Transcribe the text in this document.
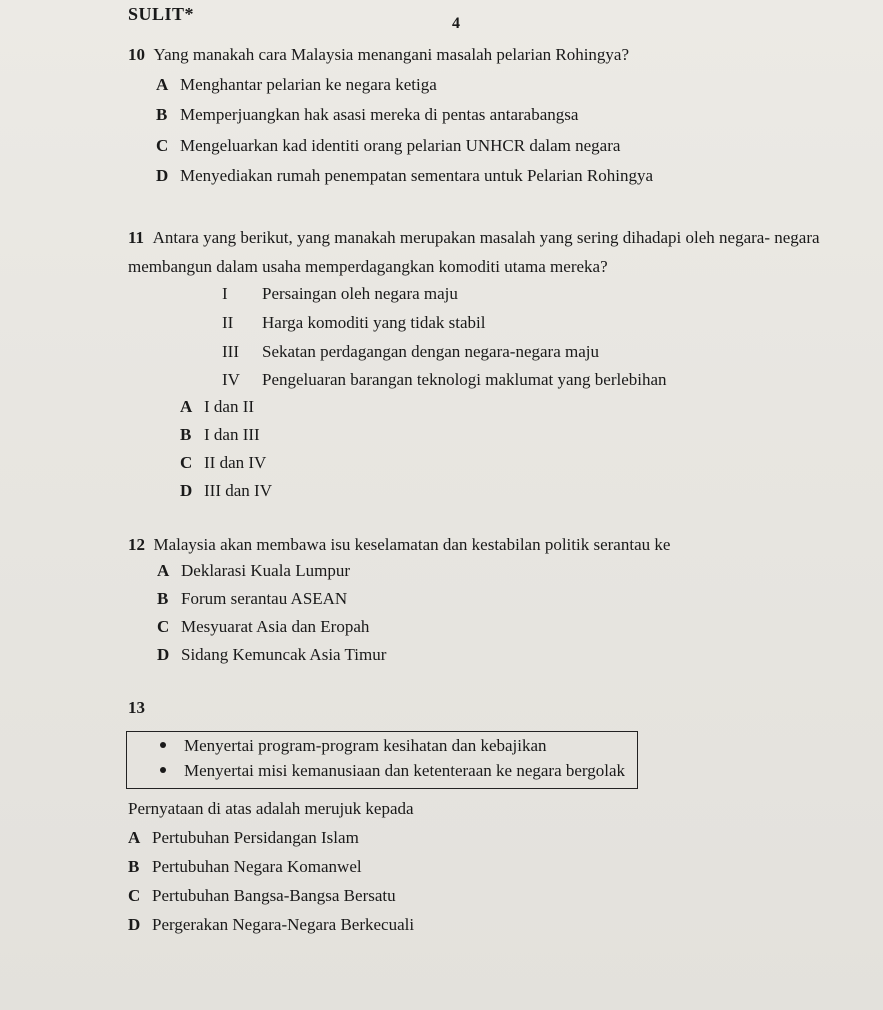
SULIT*	4
10 Yang manakah cara Malaysia menangani masalah pelarian Rohingya?
A Menghantar pelarian ke negara ketiga
B Memperjuangkan hak asasi mereka di pentas antarabangsa
C Mengeluarkan kad identiti orang pelarian UNHCR dalam negara
D Menyediakan rumah penempatan sementara untuk Pelarian Rohingya
11 Antara yang berikut, yang manakah merupakan masalah yang sering dihadapi oleh negara- negara
membangun dalam usaha memperdagangkan komoditi utama mereka?
I Persaingan oleh negara maju
II Harga komoditi yang tidak stabil
III Sekatan perdagangan dengan negara-negara maju
IV Pengeluaran barangan teknologi maklumat yang berlebihan
A I dan II
B I dan III
C II dan IV
D III dan IV
12 Malaysia akan membawa isu keselamatan dan kestabilan politik serantau ke
A Deklarasi Kuala Lumpur
B Forum serantau ASEAN
C Mesyuarat Asia dan Eropah
D Sidang Kemuncak Asia Timur
13
Menyertai program-program kesihatan dan kebajikan
Menyertai misi kemanusiaan dan ketenteraan ke negara bergolak
Pernyataan di atas adalah merujuk kepada
A Pertubuhan Persidangan Islam
B Pertubuhan Negara Komanwel
C Pertubuhan Bangsa-Bangsa Bersatu
D Pergerakan Negara-Negara Berkecuali
